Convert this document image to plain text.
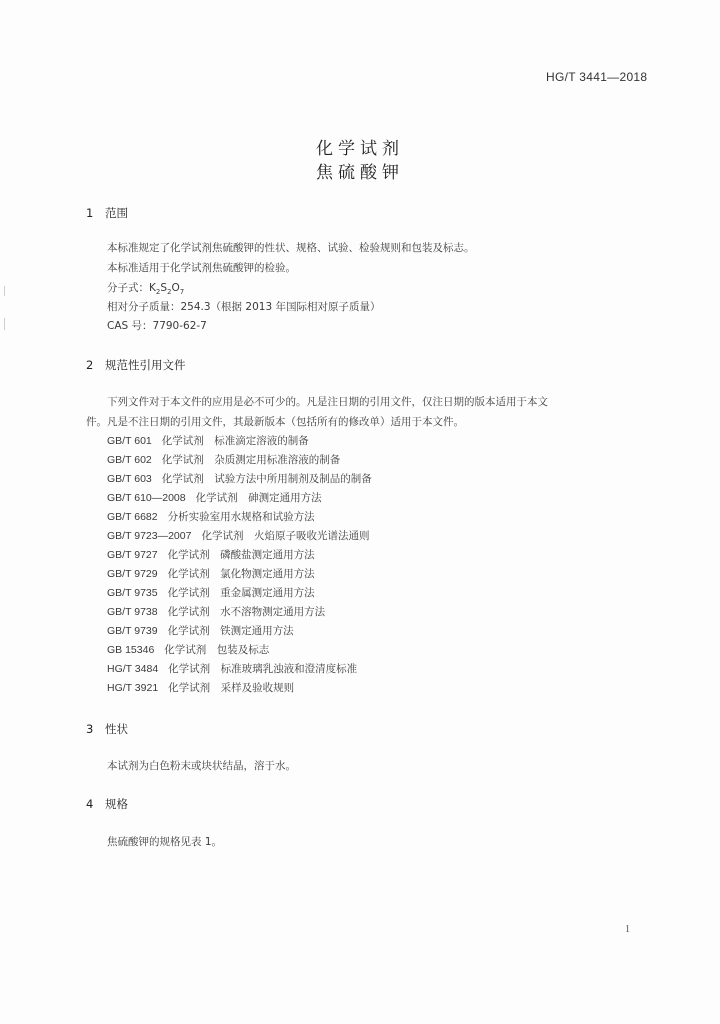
HG/T 3441—2018
化学试剂
焦硫酸钾
1 范围
本标准规定了化学试剂焦硫酸钾的性状、规格、试验、检验规则和包装及标志。
本标准适用于化学试剂焦硫酸钾的检验。
分子式：$K_2S_2O_7$
相对分子质量：254.3（根据 2013 年国际相对原子质量）
CAS 号：7790-62-7
2 规范性引用文件
下列文件对于本文件的应用是必不可少的。凡是注日期的引用文件，仅注日期的版本适用于本文
件。凡是不注日期的引用文件，其最新版本（包括所有的修改单）适用于本文件。
GB/T 601 化学试剂　标准滴定溶液的制备
GB/T 602 化学试剂　杂质测定用标准溶液的制备
GB/T 603 化学试剂　试验方法中所用制剂及制品的制备
GB/T 610—2008 化学试剂　砷测定通用方法
GB/T 6682 分析实验室用水规格和试验方法
GB/T 9723—2007 化学试剂　火焰原子吸收光谱法通则
GB/T 9727 化学试剂　磷酸盐测定通用方法
GB/T 9729 化学试剂　氯化物测定通用方法
GB/T 9735 化学试剂　重金属测定通用方法
GB/T 9738 化学试剂　水不溶物测定通用方法
GB/T 9739 化学试剂　铁测定通用方法
GB 15346 化学试剂　包装及标志
HG/T 3484 化学试剂　标准玻璃乳浊液和澄清度标准
HG/T 3921 化学试剂　采样及验收规则
3 性状
本试剂为白色粉末或块状结晶，溶于水。
4 规格
焦硫酸钾的规格见表 1。
1
